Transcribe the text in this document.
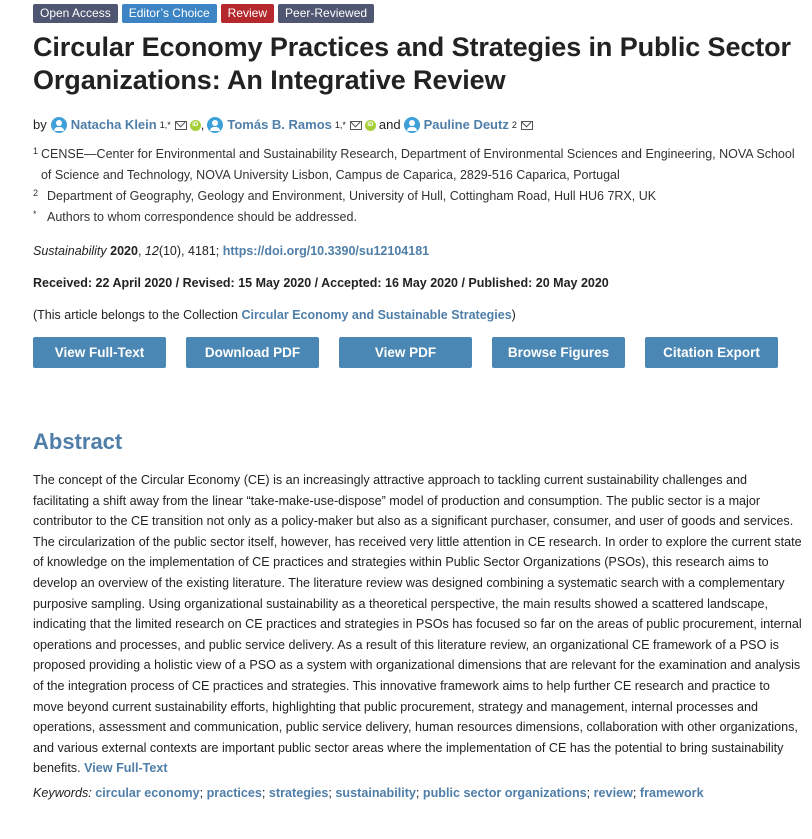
Open Access	Editor’s Choice	Review	Peer-Reviewed
Circular Economy Practices and Strategies in Public Sector Organizations: An Integrative Review
by Natacha Klein 1,*	iD , Tomás B. Ramos 1,*	iD and Pauline Deutz 2
1 CENSE—Center for Environmental and Sustainability Research, Department of Environmental Sciences and Engineering, NOVA School of Science and Technology, NOVA University Lisbon, Campus de Caparica, 2829-516 Caparica, Portugal
2 Department of Geography, Geology and Environment, University of Hull, Cottingham Road, Hull HU6 7RX, UK
* Authors to whom correspondence should be addressed.
Sustainability 2020, 12(10), 4181; https://doi.org/10.3390/su12104181
Received: 22 April 2020 / Revised: 15 May 2020 / Accepted: 16 May 2020 / Published: 20 May 2020
(This article belongs to the Collection Circular Economy and Sustainable Strategies)
View Full-Text	Download PDF	View PDF	Browse Figures	Citation Export
Abstract
The concept of the Circular Economy (CE) is an increasingly attractive approach to tackling current sustainability challenges and facilitating a shift away from the linear “take-make-use-dispose” model of production and consumption. The public sector is a major contributor to the CE transition not only as a policy-maker but also as a significant purchaser, consumer, and user of goods and services. The circularization of the public sector itself, however, has received very little attention in CE research. In order to explore the current state of knowledge on the implementation of CE practices and strategies within Public Sector Organizations (PSOs), this research aims to develop an overview of the existing literature. The literature review was designed combining a systematic search with a complementary purposive sampling. Using organizational sustainability as a theoretical perspective, the main results showed a scattered landscape, indicating that the limited research on CE practices and strategies in PSOs has focused so far on the areas of public procurement, internal operations and processes, and public service delivery. As a result of this literature review, an organizational CE framework of a PSO is proposed providing a holistic view of a PSO as a system with organizational dimensions that are relevant for the examination and analysis of the integration process of CE practices and strategies. This innovative framework aims to help further CE research and practice to move beyond current sustainability efforts, highlighting that public procurement, strategy and management, internal processes and operations, assessment and communication, public service delivery, human resources dimensions, collaboration with other organizations, and various external contexts are important public sector areas where the implementation of CE has the potential to bring sustainability benefits. View Full-Text
Keywords: circular economy; practices; strategies; sustainability; public sector organizations; review; framework
